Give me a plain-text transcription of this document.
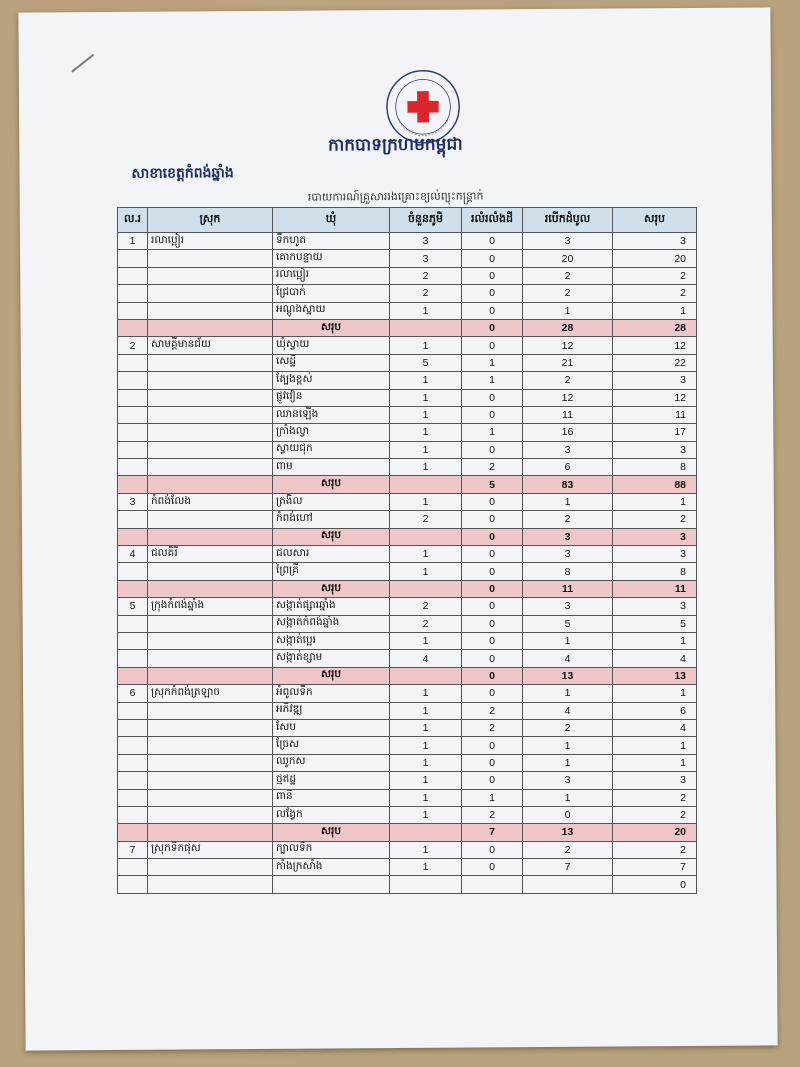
កាកបាទក្រហមកម្ពុជា
សាខាខេត្តកំពង់ឆ្នាំង
របាយការណ៍គ្រួសាររងគ្រោះខ្យល់ព្យុះកន្ត្រាក់
ល.រ	ស្រុក	ឃុំ	ចំនួនភូមិ	រលំរលំងដី	របើកដំបូល	សរុប
1	រលាប្អៀរ	ទឹកហូត	3	0	3	3
		គោកបន្ទាយ	3	0	20	20
		រលាប្អៀរ	2	0	2	2
		ជ្រៃបាក់	2	0	2	2
		អណ្តូងស្នាយ	1	0	1	1
		សរុប		0	28	28
2	សាមគ្គីមានជ័យ	ឃុំស្វាយ	1	0	12	12
		សេដ្ឋី	5	1	21	22
		ត្បែងខ្ពស់	1	1	2	3
		ផ្លូវវៀន	1	0	12	12
		ឈានឡើង	1	0	11	11
		ក្រាំងល្វា	1	1	16	17
		ស្វាយជុក	1	0	3	3
		ពាម	1	2	6	8
		សរុប		5	83	88
3	កំពង់លែង	ត្រងិល	1	0	1	1
		កំពង់ហៅ	2	0	2	2
		សរុប		0	3	3
4	ជលគិរី	ជលសារ	1	0	3	3
		ព្រៃគ្រី	1	0	8	8
		សរុប		0	11	11
5	ក្រុងកំពង់ឆ្នាំង	សង្កាត់ផ្សារឆ្នាំង	2	0	3	3
		សង្កាត់កំពង់ឆ្នាំង	2	0	5	5
		សង្កាត់ប្អេរ	1	0	1	1
		សង្កាត់ខ្សាម	4	0	4	4
		សរុប		0	13	13
6	ស្រុកកំពង់ត្រឡាច	អំពូលទឹក	1	0	1	1
		អភិវឌ្ឍ	1	2	4	6
		សែប	1	2	2	4
		ច្រែស	1	0	1	1
		ឈូកស	1	0	1	1
		ថ្មឥដ្ឋ	1	0	3	3
		ពានី	1	1	1	2
		លង្វែក	1	2	0	2
		សរុប		7	13	20
7	ស្រុកទឹកផុស	ក្បាលទឹក	1	0	2	2
		កាំងក្រសាំង	1	0	7	7
						0
